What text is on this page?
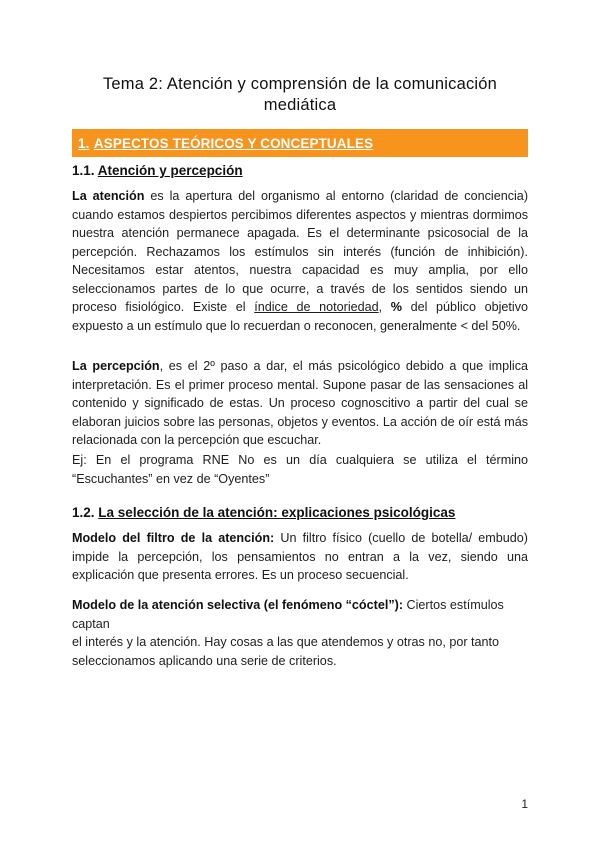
Tema 2: Atención y comprensión de la comunicación
mediática
1. ASPECTOS TEÓRICOS Y CONCEPTUALES
1.1. Atención y percepción

La atención es la apertura del organismo al entorno (claridad de conciencia) cuando estamos despiertos percibimos diferentes aspectos y mientras dormimos nuestra atención permanece apagada. Es el determinante psicosocial de la percepción. Rechazamos los estímulos sin interés (función de inhibición). Necesitamos estar atentos, nuestra capacidad es muy amplia, por ello seleccionamos partes de lo que ocurre, a través de los sentidos siendo un proceso fisiológico. Existe el índice de notoriedad, % del público objetivo expuesto a un estímulo que lo recuerdan o reconocen, generalmente < del 50%.

La percepción, es el 2º paso a dar, el más psicológico debido a que implica interpretación. Es el primer proceso mental. Supone pasar de las sensaciones al contenido y significado de estas. Un proceso cognoscitivo a partir del cual se elaboran juicios sobre las personas, objetos y eventos. La acción de oír está más relacionada con la percepción que escuchar.

Ej: En el programa RNE No es un día cualquiera se utiliza el término “Escuchantes” en vez de “Oyentes”

1.2. La selección de la atención: explicaciones psicológicas

Modelo del filtro de la atención: Un filtro físico (cuello de botella/ embudo) impide la percepción, los pensamientos no entran a la vez, siendo una explicación que presenta errores. Es un proceso secuencial.

Modelo de la atención selectiva (el fenómeno “cóctel”): Ciertos estímulos captan
el interés y la atención. Hay cosas a las que atendemos y otras no, por tanto
seleccionamos aplicando una serie de criterios.

1
